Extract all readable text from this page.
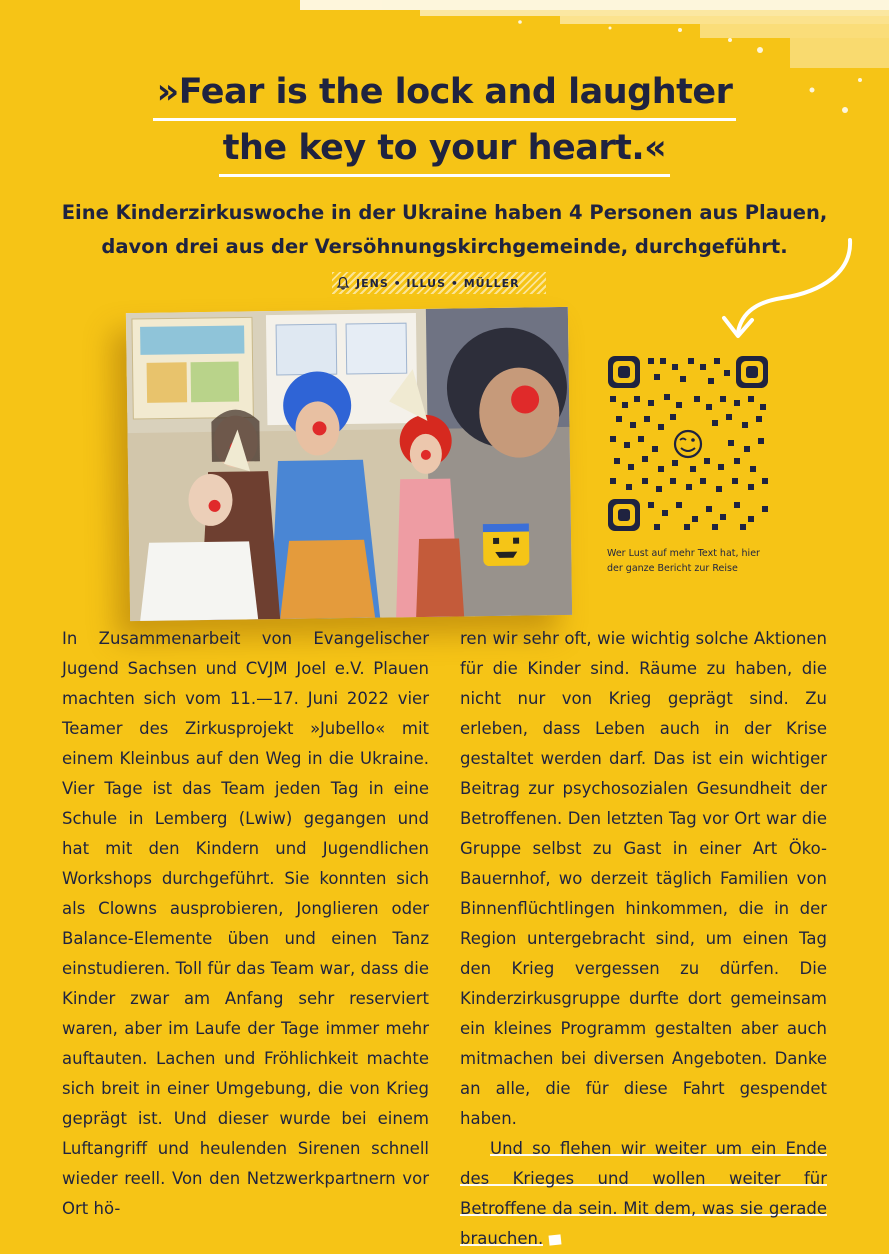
»Fear is the lock and laughter
the key to your heart.«
Eine Kinderzirkuswoche in der Ukraine haben 4 Personen aus Plauen,
davon drei aus der Versöhnungskirchgemeinde, durchgeführt.
JENS • ILLUS • MÜLLER
Wer Lust auf mehr Text hat, hier
der ganze Bericht zur Reise

In Zusammenarbeit von Evangelischer Jugend Sachsen und CVJM Joel e.V. Plauen machten sich vom 11.—17. Juni 2022 vier Teamer des Zirkusprojekt »Jubello« mit einem Kleinbus auf den Weg in die Ukraine. Vier Tage ist das Team jeden Tag in eine Schule in Lemberg (Lwiw) gegangen und hat mit den Kindern und Jugendlichen Workshops durchgeführt. Sie konnten sich als Clowns ausprobieren, Jonglieren oder Balance-Elemente üben und einen Tanz einstudieren. Toll für das Team war, dass die Kinder zwar am Anfang sehr reserviert waren, aber im Laufe der Tage immer mehr auftauten. Lachen und Fröhlichkeit machte sich breit in einer Umgebung, die von Krieg geprägt ist. Und dieser wurde bei einem Luftangriff und heulenden Sirenen schnell wieder reell. Von den Netzwerkpartnern vor Ort hö-

ren wir sehr oft, wie wichtig solche Aktionen für die Kinder sind. Räume zu haben, die nicht nur von Krieg geprägt sind. Zu erleben, dass Leben auch in der Krise gestaltet werden darf. Das ist ein wichtiger Beitrag zur psychosozialen Gesundheit der Betroffenen. Den letzten Tag vor Ort war die Gruppe selbst zu Gast in einer Art Öko-Bauernhof, wo derzeit täglich Familien von Binnenflüchtlingen hinkommen, die in der Region untergebracht sind, um einen Tag den Krieg vergessen zu dürfen. Die Kinderzirkusgruppe durfte dort gemeinsam ein kleines Programm gestalten aber auch mitmachen bei diversen Angeboten. Danke an alle, die für diese Fahrt gespendet haben.

Und so flehen wir weiter um ein Ende des Krieges und wollen weiter für Betroffene da sein. Mit dem, was sie gerade brauchen.
